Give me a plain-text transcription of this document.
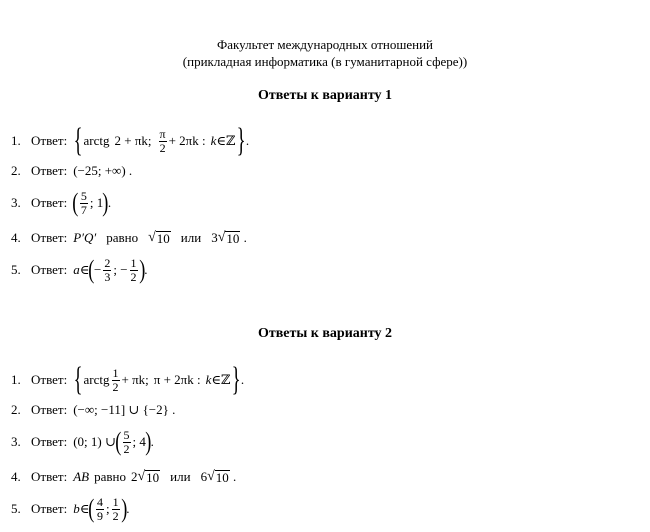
Факультет международных отношений
(прикладная информатика (в гуманитарной сфере))
Ответы к варианту 1
1. Ответ: { arctg 2 + πk; $\frac{\pi}{2} + 2\pi k$ : k ∈ ℤ } .
2. Ответ: (−25; +∞) .
3. Ответ: ( $\frac{5}{7}$ ; 1 ) .
4. Ответ: P′Q′ равно √ 10 или 3 √ 10 .
5. Ответ: a ∈ ( − $\frac{2}{3}$ ; − $\frac{1}{2}$ ) .
Ответы к варианту 2
1. Ответ: { arctg $\frac{1}{2} + \pi k$; π + 2πk : k ∈ ℤ } .
2. Ответ: (−∞; −11] ∪ {−2} .
3. Ответ: (0; 1) ∪ ( $\frac{5}{2}$ ; 4 ) .
4. Ответ: AB равно 2 √ 10 или 6 √ 10 .
5. Ответ: b ∈ ( $\frac{4}{9}$ ; $\frac{1}{2}$ ) .
